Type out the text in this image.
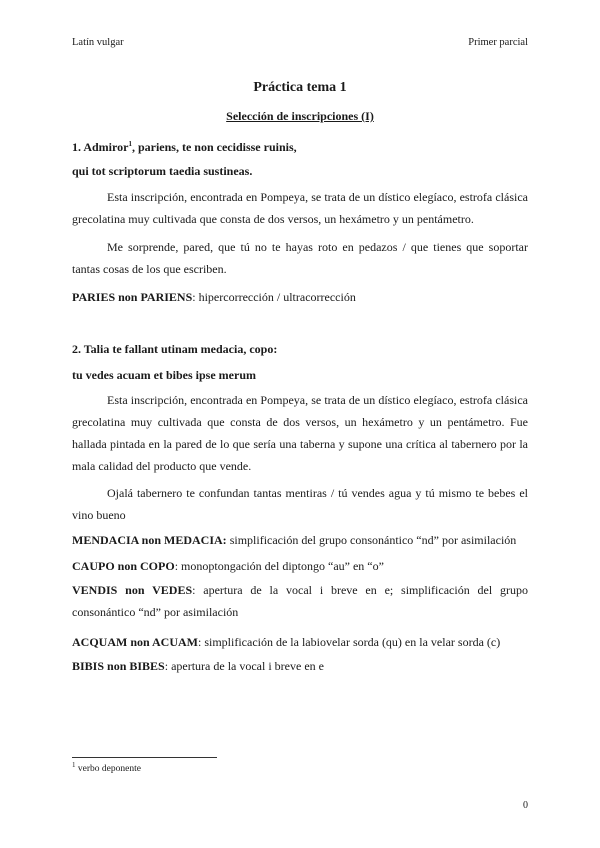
Latín vulgar	Primer parcial
Práctica tema 1
Selección de inscripciones (I)
1. Admiror$^1$, pariens, te non cecidisse ruinis,
qui tot scriptorum taedia sustineas.
Esta inscripción, encontrada en Pompeya, se trata de un dístico elegíaco, estrofa clásica grecolatina muy cultivada que consta de dos versos, un hexámetro y un pentámetro.
Me sorprende, pared, que tú no te hayas roto en pedazos / que tienes que soportar tantas cosas de los que escriben.
PARIES non PARIENS: hipercorrección / ultracorrección
2. Talia te fallant utinam medacia, copo:
tu vedes acuam et bibes ipse merum
Esta inscripción, encontrada en Pompeya, se trata de un dístico elegíaco, estrofa clásica grecolatina muy cultivada que consta de dos versos, un hexámetro y un pentámetro. Fue hallada pintada en la pared de lo que sería una taberna y supone una crítica al tabernero por la mala calidad del producto que vende.
Ojalá tabernero te confundan tantas mentiras / tú vendes agua y tú mismo te bebes el vino bueno
MENDACIA non MEDACIA: simplificación del grupo consonántico “nd” por asimilación
CAUPO non COPO: monoptongación del diptongo “au” en “o”
VENDIS non VEDES: apertura de la vocal i breve en e; simplificación del grupo consonántico “nd” por asimilación
ACQUAM non ACUAM: simplificación de la labiovelar sorda (qu) en la velar sorda (c)
BIBIS non BIBES: apertura de la vocal i breve en e
$^1$ verbo deponente
0
